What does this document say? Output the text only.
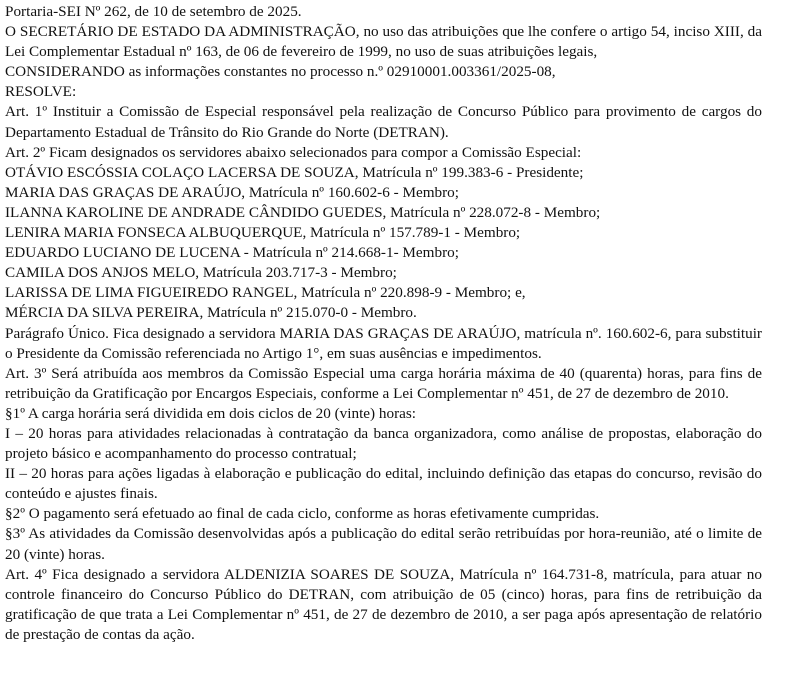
Portaria-SEI Nº 262, de 10 de setembro de 2025.

O SECRETÁRIO DE ESTADO DA ADMINISTRAÇÃO, no uso das atribuições que lhe confere o artigo 54, inciso XIII, da Lei Complementar Estadual nº 163, de 06 de fevereiro de 1999, no uso de suas atribuições legais,

CONSIDERANDO as informações constantes no processo n.º 02910001.003361/2025-08,

RESOLVE:

Art. 1º Instituir a Comissão de Especial responsável pela realização de Concurso Público para provimento de cargos do Departamento Estadual de Trânsito do Rio Grande do Norte (DETRAN).

Art. 2º Ficam designados os servidores abaixo selecionados para compor a Comissão Especial:

OTÁVIO ESCÓSSIA COLAÇO LACERSA DE SOUZA, Matrícula nº 199.383-6 - Presidente;

MARIA DAS GRAÇAS DE ARAÚJO, Matrícula nº 160.602-6 - Membro;

ILANNA KAROLINE DE ANDRADE CÂNDIDO GUEDES, Matrícula nº 228.072-8 - Membro;

LENIRA MARIA FONSECA ALBUQUERQUE, Matrícula nº 157.789-1 - Membro;

EDUARDO LUCIANO DE LUCENA - Matrícula nº 214.668-1- Membro;

CAMILA DOS ANJOS MELO, Matrícula 203.717-3 - Membro;

LARISSA DE LIMA FIGUEIREDO RANGEL, Matrícula nº 220.898-9 - Membro; e,

MÉRCIA DA SILVA PEREIRA, Matrícula nº 215.070-0 - Membro.

Parágrafo Único. Fica designado a servidora MARIA DAS GRAÇAS DE ARAÚJO, matrícula nº. 160.602-6, para substituir o Presidente da Comissão referenciada no Artigo 1°, em suas ausências e impedimentos.

Art. 3º Será atribuída aos membros da Comissão Especial uma carga horária máxima de 40 (quarenta) horas, para fins de retribuição da Gratificação por Encargos Especiais, conforme a Lei Complementar nº 451, de 27 de dezembro de 2010.

§1º A carga horária será dividida em dois ciclos de 20 (vinte) horas:

I – 20 horas para atividades relacionadas à contratação da banca organizadora, como análise de propostas, elaboração do projeto básico e acompanhamento do processo contratual;

II – 20 horas para ações ligadas à elaboração e publicação do edital, incluindo definição das etapas do concurso, revisão do conteúdo e ajustes finais.

§2º O pagamento será efetuado ao final de cada ciclo, conforme as horas efetivamente cumpridas.

§3º As atividades da Comissão desenvolvidas após a publicação do edital serão retribuídas por hora-reunião, até o limite de 20 (vinte) horas.

Art. 4º Fica designado a servidora ALDENIZIA SOARES DE SOUZA, Matrícula nº 164.731-8, matrícula, para atuar no controle financeiro do Concurso Público do DETRAN, com atribuição de 05 (cinco) horas, para fins de retribuição da gratificação de que trata a Lei Complementar nº 451, de 27 de dezembro de 2010, a ser paga após apresentação de relatório de prestação de contas da ação.
